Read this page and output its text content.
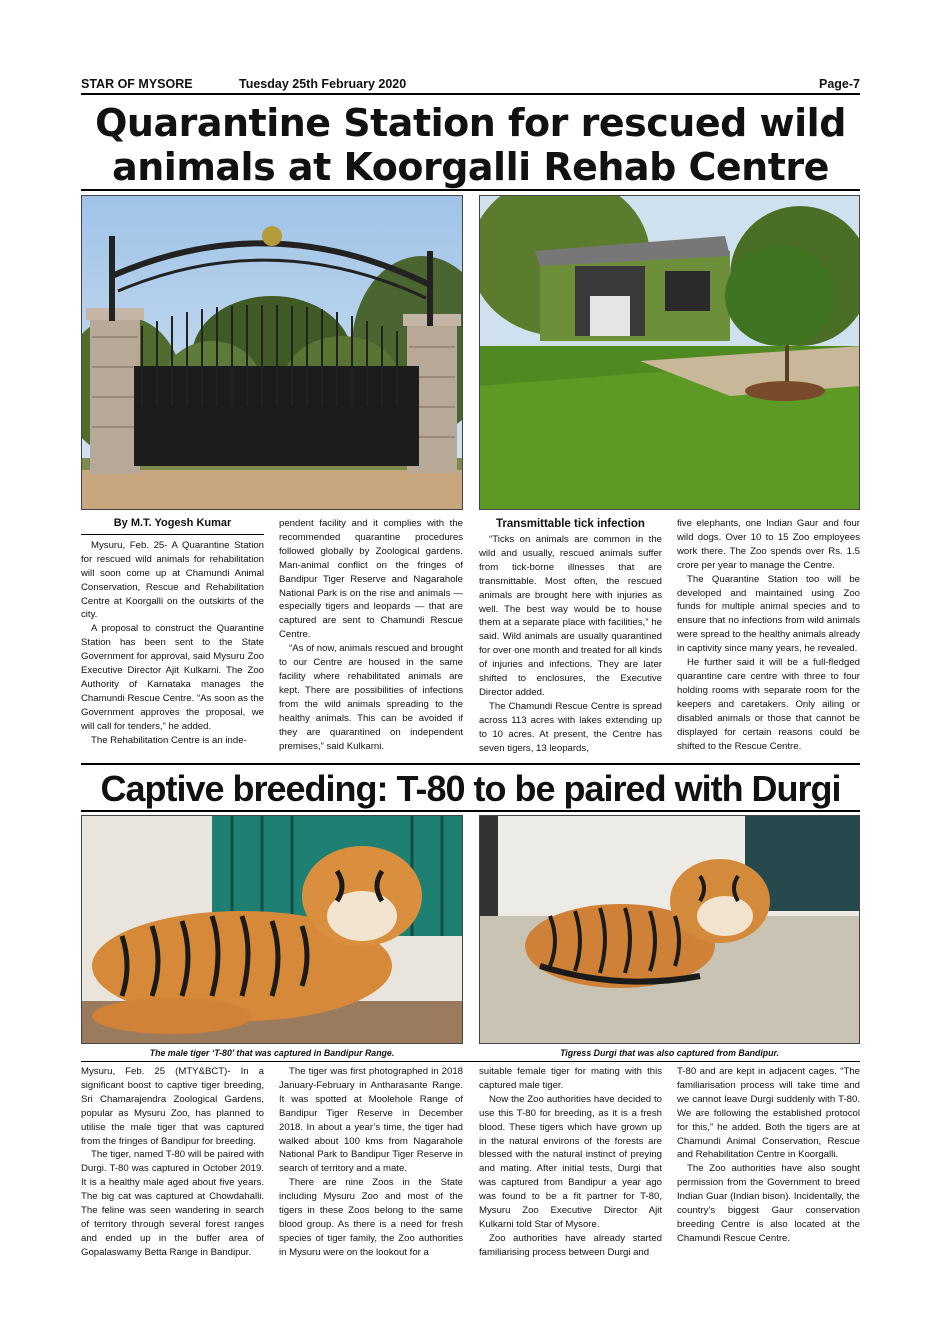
STAR OF MYSORE	Tuesday 25th February 2020	Page-7
Quarantine Station for rescued wild
animals at Koorgalli Rehab Centre
By M.T. Yogesh Kumar

Mysuru, Feb. 25- A Quarantine Station for rescued wild animals for rehabilitation will soon come up at Chamundi Animal Conservation, Rescue and Rehabilitation Centre at Koorgalli on the outskirts of the city.

A proposal to construct the Quarantine Station has been sent to the State Government for approval, said Mysuru Zoo Executive Director Ajit Kulkarni. The Zoo Authority of Karnataka manages the Chamundi Rescue Centre. “As soon as the Government approves the proposal, we will call for tenders,” he added.

The Rehabilitation Centre is an inde-

pendent facility and it complies with the recommended quarantine procedures followed globally by Zoological gardens. Man-animal conflict on the fringes of Bandipur Tiger Reserve and Nagarahole National Park is on the rise and animals — especially tigers and leopards — that are captured are sent to Chamundi Rescue Centre.

“As of now, animals rescued and brought to our Centre are housed in the same facility where rehabilitated animals are kept. There are possibilities of infections from the wild animals spreading to the healthy animals. This can be avoided if they are quarantined on independent premises,” said Kulkarni.

Transmittable tick infection

“Ticks on animals are common in the wild and usually, rescued animals suffer from tick-borne illnesses that are transmittable. Most often, the rescued animals are brought here with injuries as well. The best way would be to house them at a separate place with facilities,” he said. Wild animals are usually quarantined for over one month and treated for all kinds of injuries and infections. They are later shifted to enclosures, the Executive Director added.

The Chamundi Rescue Centre is spread across 113 acres with lakes extending up to 10 acres. At present, the Centre has seven tigers, 13 leopards,

five elephants, one Indian Gaur and four wild dogs. Over 10 to 15 Zoo employees work there. The Zoo spends over Rs. 1.5 crore per year to manage the Centre.

The Quarantine Station too will be developed and maintained using Zoo funds for multiple animal species and to ensure that no infections from wild animals were spread to the healthy animals already in captivity since many years, he revealed.

He further said it will be a full-fledged quarantine care centre with three to four holding rooms with separate room for the keepers and caretakers. Only ailing or disabled animals or those that cannot be displayed for certain reasons could be shifted to the Rescue Centre.

Captive breeding: T-80 to be paired with Durgi
The male tiger ‘T-80’ that was captured in Bandipur Range.	Tigress Durgi that was also captured from Bandipur.

Mysuru, Feb. 25 (MTY&BCT)- In a significant boost to captive tiger breeding, Sri Chamarajendra Zoological Gardens, popular as Mysuru Zoo, has planned to utilise the male tiger that was captured from the fringes of Bandipur for breeding.

The tiger, named T-80 will be paired with Durgi. T-80 was captured in October 2019. It is a healthy male aged about five years. The big cat was captured at Chowdahalli. The feline was seen wandering in search of territory through several forest ranges and ended up in the buffer area of Gopalaswamy Betta Range in Bandipur.

The tiger was first photographed in 2018 January-February in Antharasante Range. It was spotted at Moolehole Range of Bandipur Tiger Reserve in December 2018. In about a year’s time, the tiger had walked about 100 kms from Nagarahole National Park to Bandipur Tiger Reserve in search of territory and a mate.

There are nine Zoos in the State including Mysuru Zoo and most of the tigers in these Zoos belong to the same blood group. As there is a need for fresh species of tiger family, the Zoo authorities in Mysuru were on the lookout for a

suitable female tiger for mating with this captured male tiger.

Now the Zoo authorities have decided to use this T-80 for breeding, as it is a fresh blood. These tigers which have grown up in the natural environs of the forests are blessed with the natural instinct of preying and mating. After initial tests, Durgi that was captured from Bandipur a year ago was found to be a fit partner for T-80, Mysuru Zoo Executive Director Ajit Kulkarni told Star of Mysore.

Zoo authorities have already started familiarising process between Durgi and

T-80 and are kept in adjacent cages. “The familiarisation process will take time and we cannot leave Durgi suddenly with T-80. We are following the established protocol for this,” he added. Both the tigers are at Chamundi Animal Conservation, Rescue and Rehabilitation Centre in Koorgalli.

The Zoo authorities have also sought permission from the Government to breed Indian Guar (Indian bison). Incidentally, the country’s biggest Gaur conservation breeding Centre is also located at the Chamundi Rescue Centre.
